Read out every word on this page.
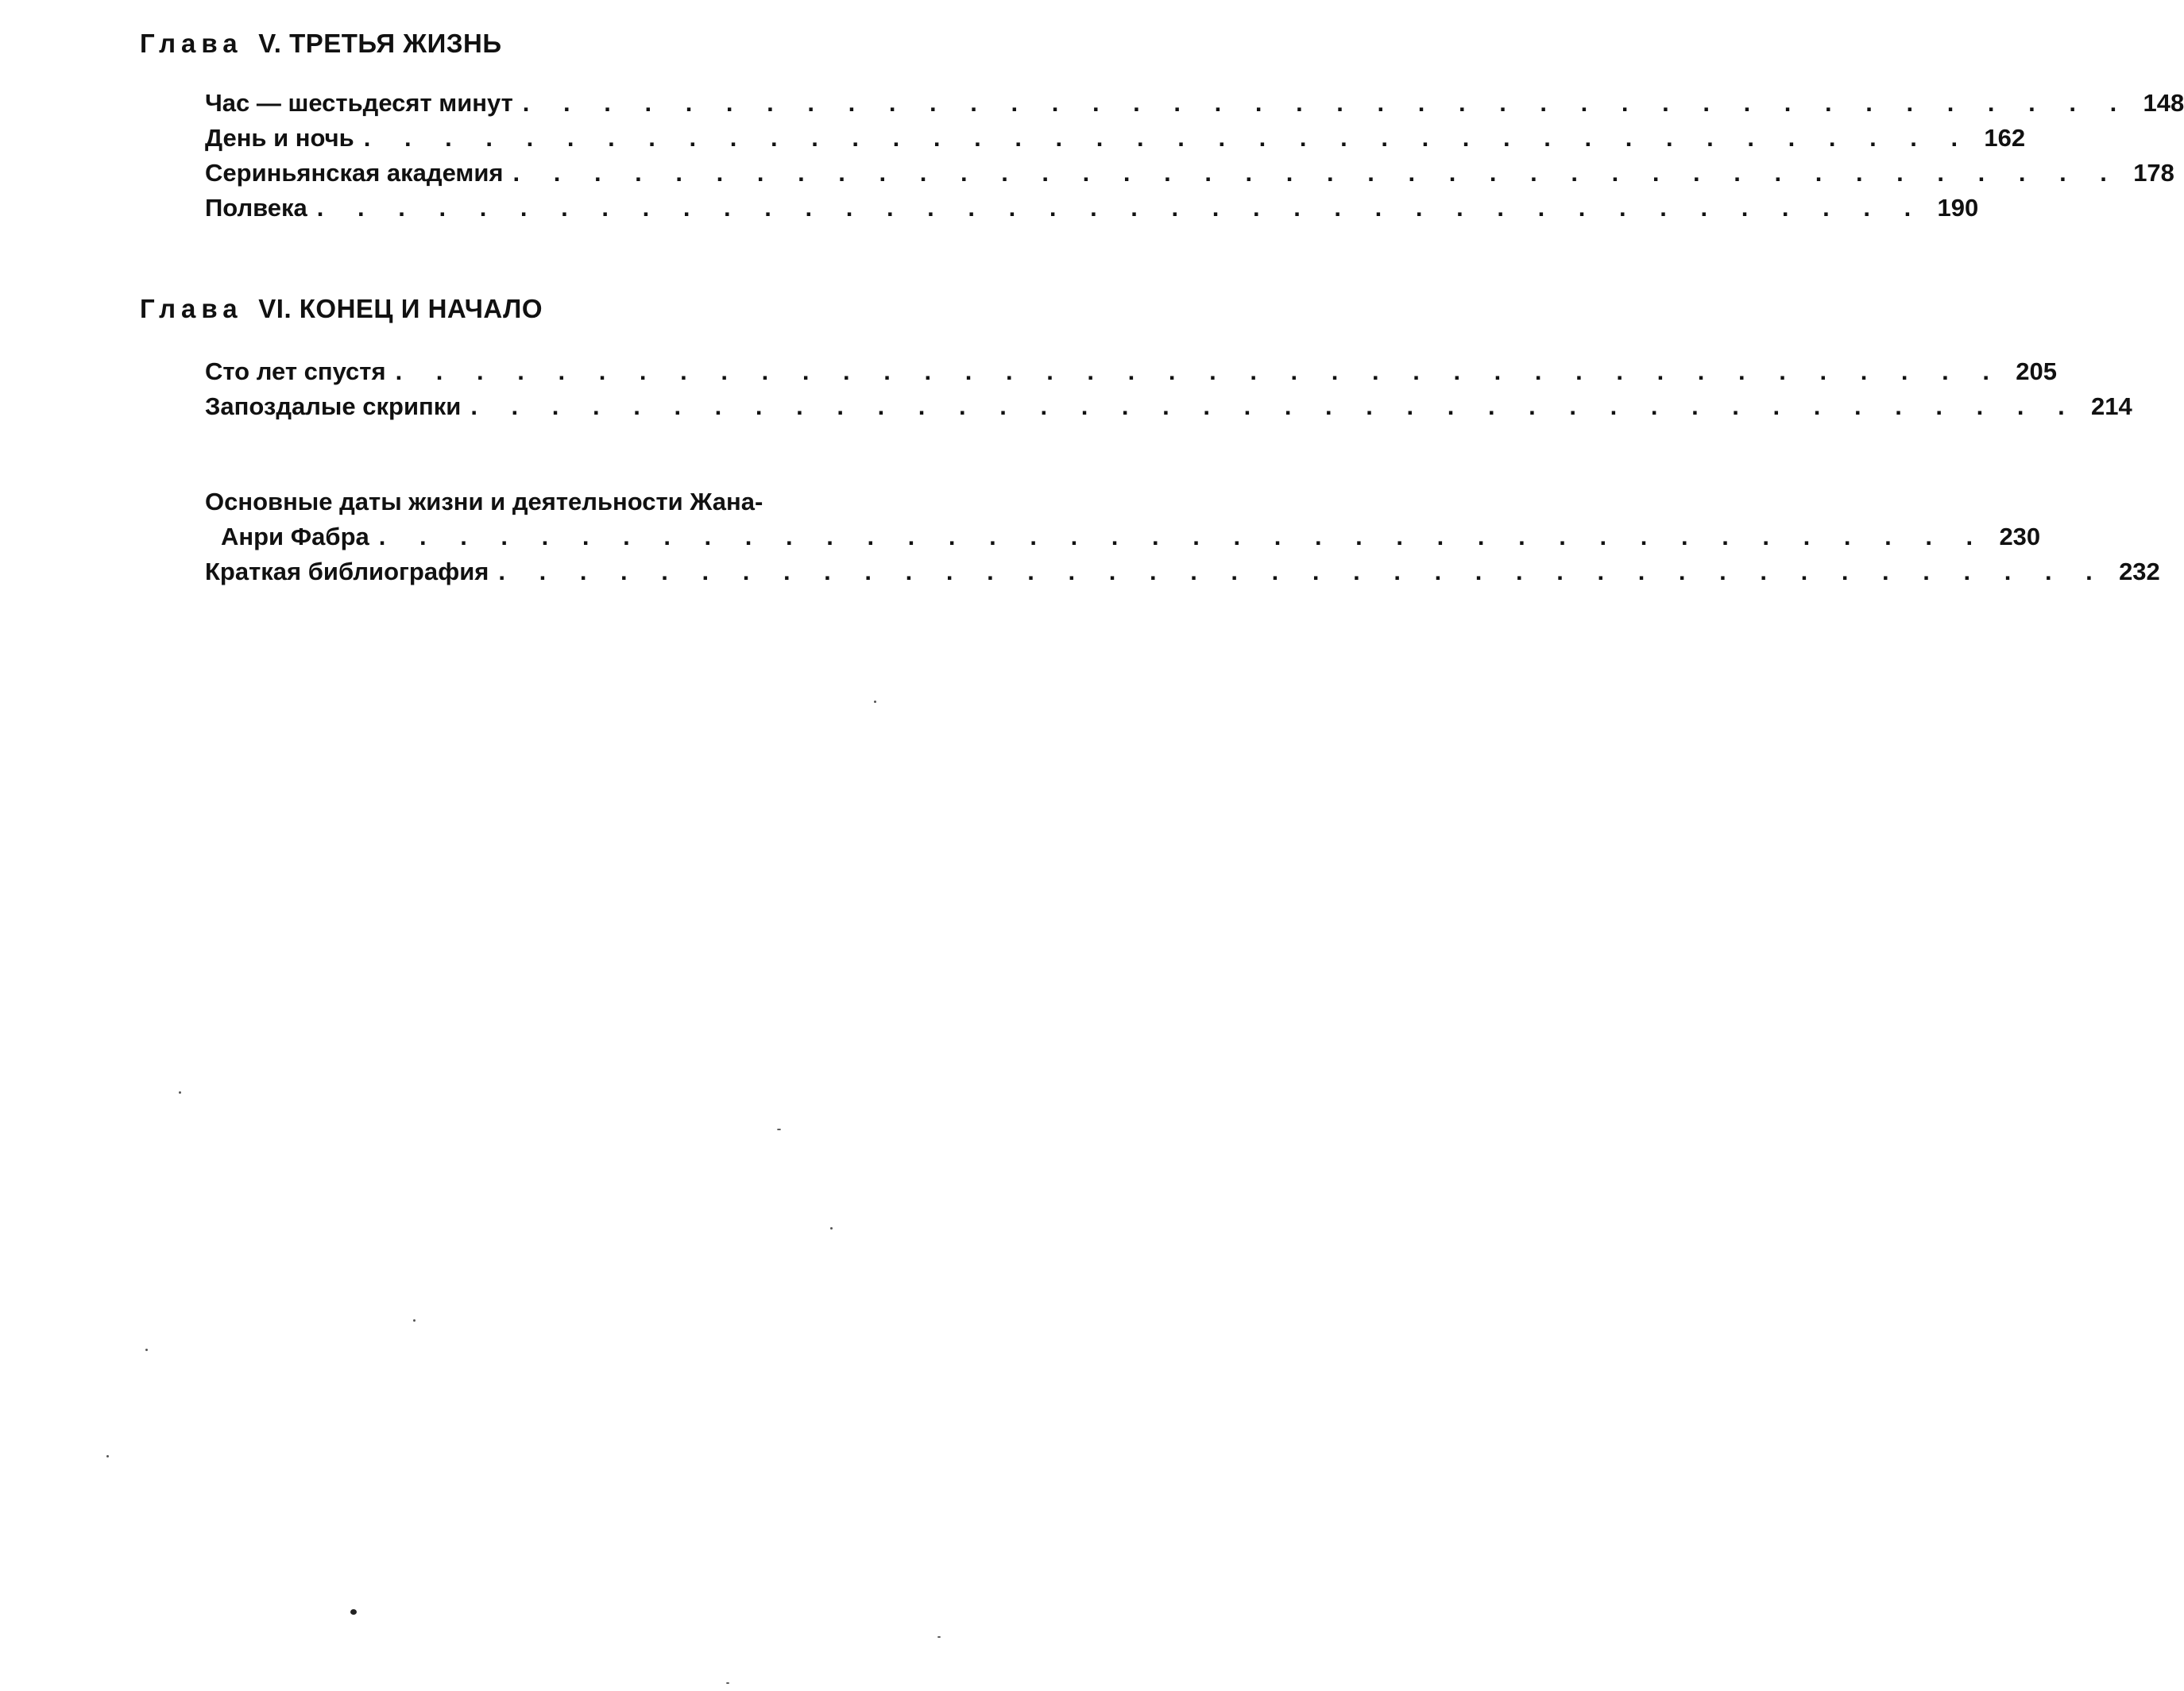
Глава V. ТРЕТЬЯ ЖИЗНЬ
Час — шестьдесят минут . . . . . . . . . . . . . . . . . . . . . . . . . . . . . . . . . . . . . . . . 148
День и ночь . . . . . . . . . . . . . . . . . . . . . . . . . . . . . . . . . . . . . . . . 162
Сериньянская академия . . . . . . . . . . . . . . . . . . . . . . . . . . . . . . . . . . . . . . . . 178
Полвека . . . . . . . . . . . . . . . . . . . . . . . . . . . . . . . . . . . . . . . . 190
Глава VI. КОНЕЦ И НАЧАЛО
Сто лет спустя . . . . . . . . . . . . . . . . . . . . . . . . . . . . . . . . . . . . . . . . 205
Запоздалые скрипки . . . . . . . . . . . . . . . . . . . . . . . . . . . . . . . . . . . . . . . . 214
Основные даты жизни и деятельности Жана-
Анри Фабра . . . . . . . . . . . . . . . . . . . . . . . . . . . . . . . . . . . . . . . . 230
Краткая библиография . . . . . . . . . . . . . . . . . . . . . . . . . . . . . . . . . . . . . . . . 232
